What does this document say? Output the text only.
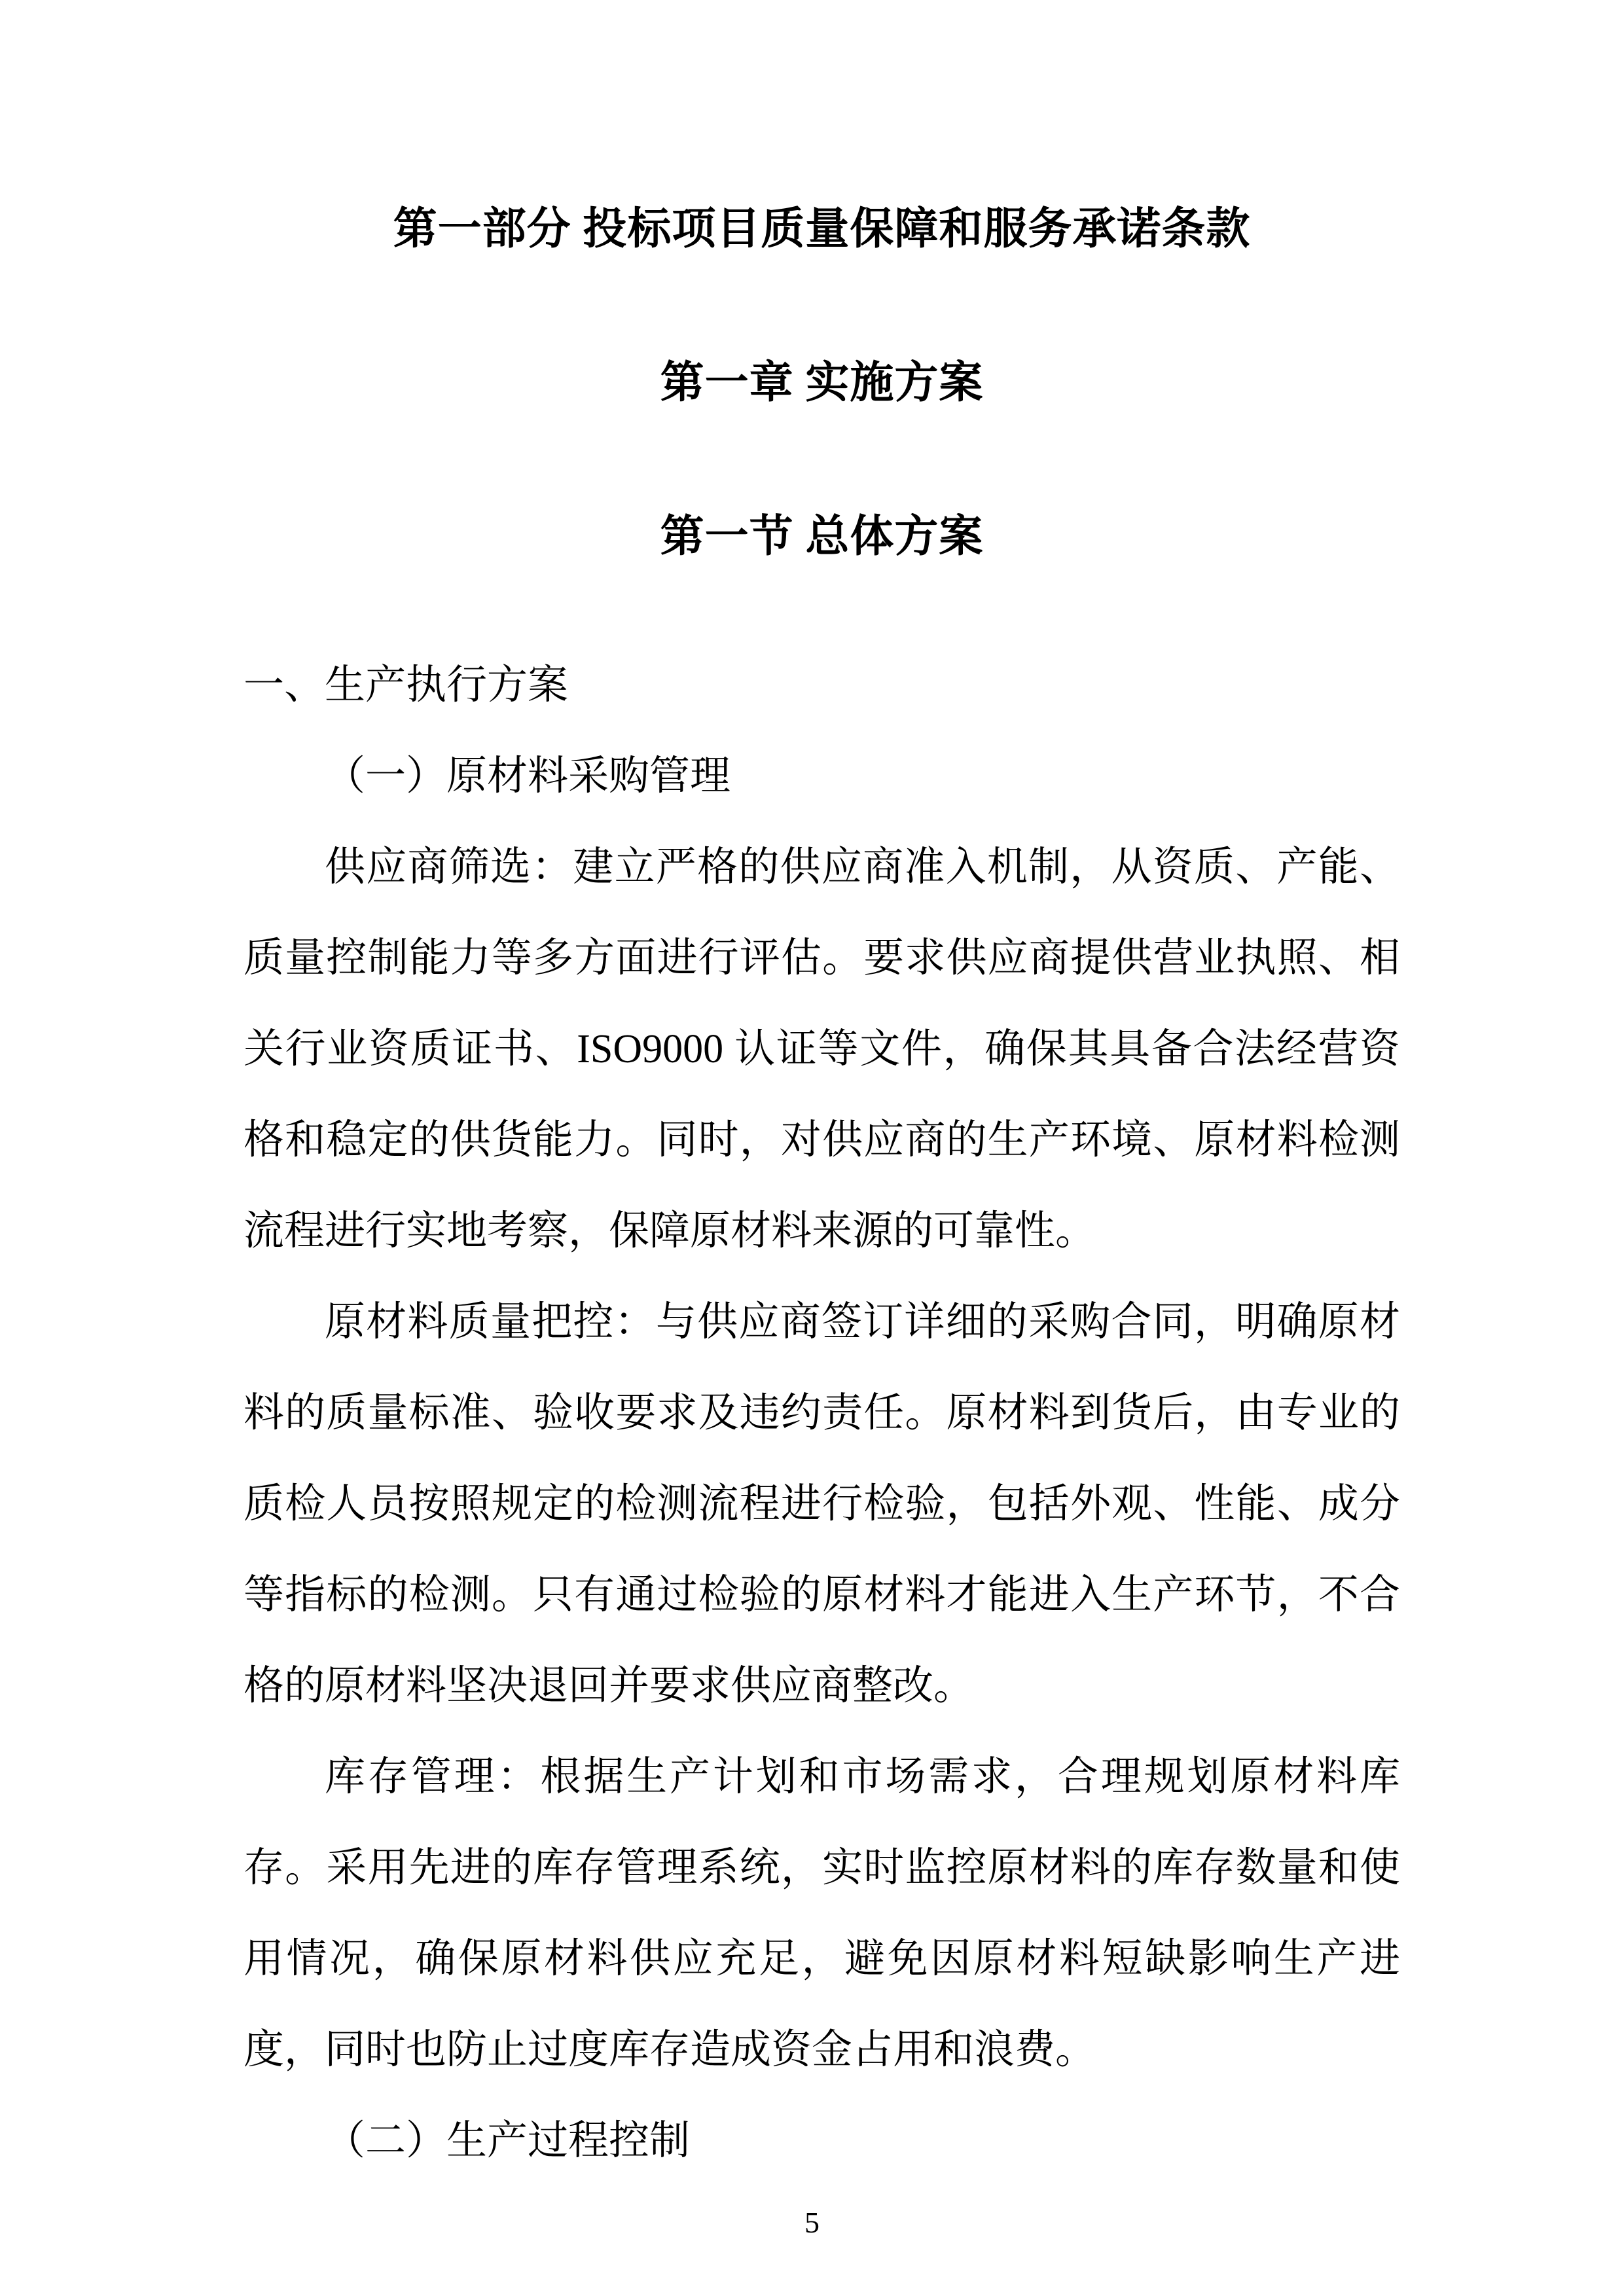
第一部分 投标项目质量保障和服务承诺条款
第一章 实施方案
第一节 总体方案

一、生产执行方案

（一）原材料采购管理

供应商筛选：建立严格的供应商准入机制，从资质、产能、质量控制能力等多方面进行评估。要求供应商提供营业执照、相关行业资质证书、ISO9000 认证等文件，确保其具备合法经营资格和稳定的供货能力。同时，对供应商的生产环境、原材料检测流程进行实地考察，保障原材料来源的可靠性。

原材料质量把控：与供应商签订详细的采购合同，明确原材料的质量标准、验收要求及违约责任。原材料到货后，由专业的质检人员按照规定的检测流程进行检验，包括外观、性能、成分等指标的检测。只有通过检验的原材料才能进入生产环节，不合格的原材料坚决退回并要求供应商整改。

库存管理：根据生产计划和市场需求，合理规划原材料库存。采用先进的库存管理系统，实时监控原材料的库存数量和使用情况，确保原材料供应充足，避免因原材料短缺影响生产进度，同时也防止过度库存造成资金占用和浪费。

（二）生产过程控制

5
